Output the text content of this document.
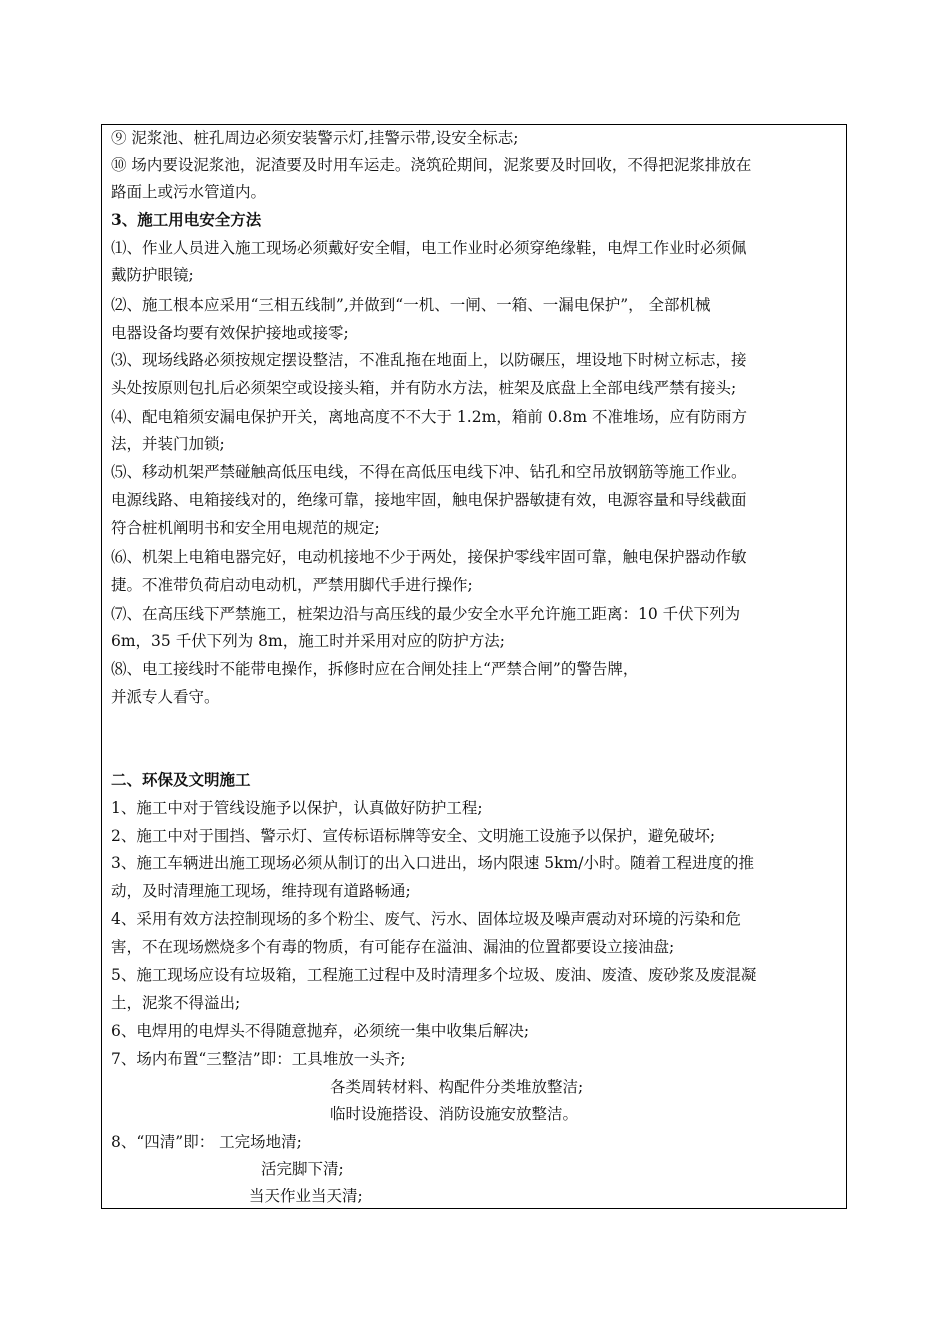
⑨ 泥浆池、桩孔周边必须安装警示灯,挂警示带,设安全标志;
⑩ 场内要设泥浆池，泥渣要及时用车运走。浇筑砼期间，泥浆要及时回收，不得把泥浆排放在
路面上或污水管道内。
3、施工用电安全方法
⑴、作业人员进入施工现场必须戴好安全帽，电工作业时必须穿绝缘鞋，电焊工作业时必须佩
戴防护眼镜;
⑵、施工根本应采用“三相五线制”,并做到“一机、一闸、一箱、一漏电保护”， 全部机械
电器设备均要有效保护接地或接零;
⑶、现场线路必须按规定摆设整洁，不准乱拖在地面上，以防碾压，埋设地下时树立标志，接
头处按原则包扎后必须架空或设接头箱，并有防水方法，桩架及底盘上全部电线严禁有接头;
⑷、配电箱须安漏电保护开关，离地高度不不大于 1.2m，箱前 0.8m 不准堆场，应有防雨方
法，并装门加锁;
⑸、移动机架严禁碰触高低压电线，不得在高低压电线下冲、钻孔和空吊放钢筋等施工作业。
电源线路、电箱接线对的，绝缘可靠，接地牢固，触电保护器敏捷有效，电源容量和导线截面
符合桩机阐明书和安全用电规范的规定;
⑹、机架上电箱电器完好，电动机接地不少于两处，接保护零线牢固可靠，触电保护器动作敏
捷。不准带负荷启动电动机，严禁用脚代手进行操作;
⑺、在高压线下严禁施工，桩架边沿与高压线的最少安全水平允许施工距离：10 千伏下列为
6m，35 千伏下列为 8m，施工时并采用对应的防护方法;
⑻、电工接线时不能带电操作，拆修时应在合闸处挂上“严禁合闸”的警告牌，
并派专人看守。
二、环保及文明施工
1、施工中对于管线设施予以保护，认真做好防护工程;
2、施工中对于围挡、警示灯、宣传标语标牌等安全、文明施工设施予以保护，避免破坏;
3、施工车辆进出施工现场必须从制订的出入口进出，场内限速 5km/小时。随着工程进度的推
动，及时清理施工现场，维持现有道路畅通;
4、采用有效方法控制现场的多个粉尘、废气、污水、固体垃圾及噪声震动对环境的污染和危
害，不在现场燃烧多个有毒的物质，有可能存在溢油、漏油的位置都要设立接油盘;
5、施工现场应设有垃圾箱，工程施工过程中及时清理多个垃圾、废油、废渣、废砂浆及废混凝
土，泥浆不得溢出;
6、电焊用的电焊头不得随意抛弃，必须统一集中收集后解决;
7、场内布置“三整洁”即：工具堆放一头齐;
各类周转材料、构配件分类堆放整洁;
临时设施搭设、消防设施安放整洁。
8、“四清”即： 工完场地清;
活完脚下清;
当天作业当天清;
